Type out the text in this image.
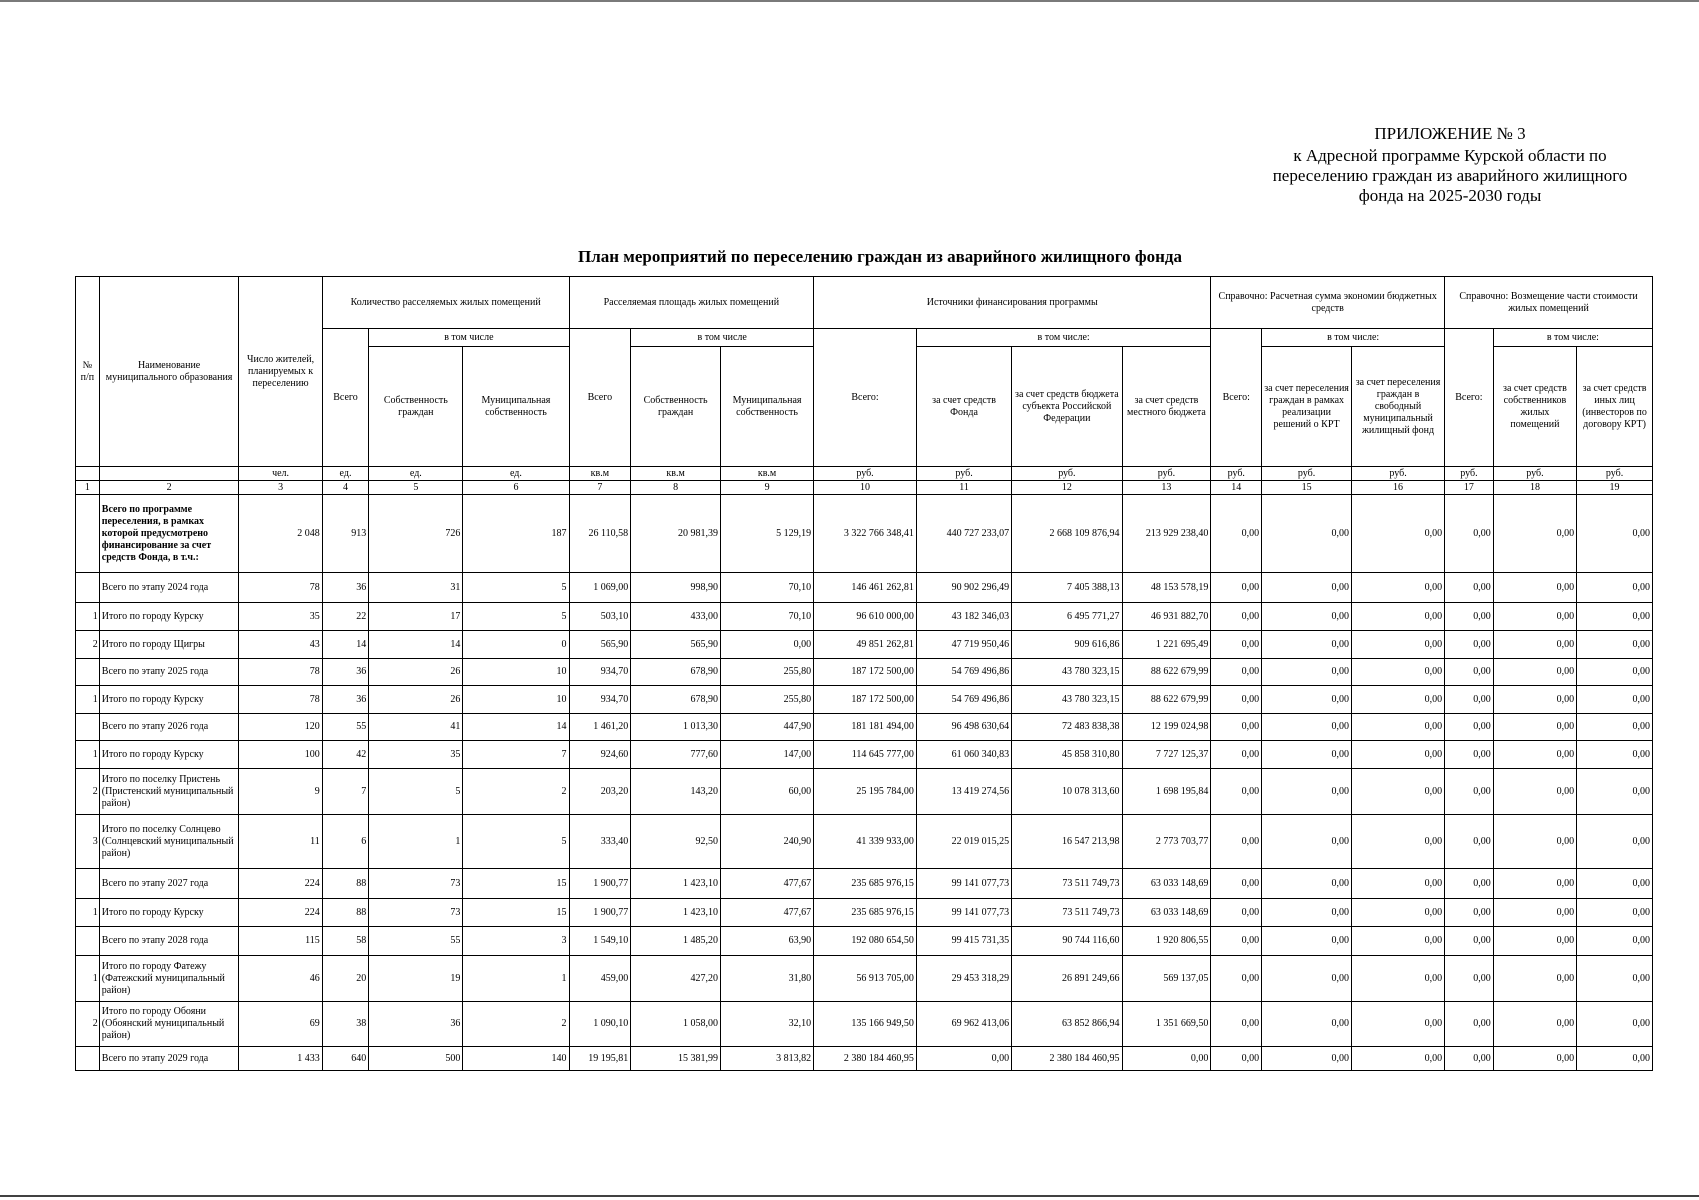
ПРИЛОЖЕНИЕ № 3
к Адресной программе Курской области по переселению граждан из аварийного жилищного фонда на 2025-2030 годы
План мероприятий по переселению граждан из аварийного жилищного фонда
№ п/п	Наименование муниципального образования	Число жителей, планируемых к переселению	Количество расселяемых жилых помещений			Расселяемая площадь жилых помещений			Источники финансирования программы				Справочно: Расчетная сумма экономии бюджетных средств			Справочно: Возмещение части стоимости жилых помещений		
			Всего	в том числе		Всего	в том числе		Всего:	в том числе:			Всего:	в том числе:		Всего:	в том числе:	
				Собственность граждан	Муниципальная собственность		Собственность граждан	Муниципальная собственность		за счет средств Фонда	за счет средств бюджета субъекта Российской Федерации	за счет средств местного бюджета		за счет переселения граждан в рамках реализации решений о КРТ	за счет переселения граждан в свободный муниципальный жилищный фонд		за счет средств собственников жилых помещений	за счет средств иных лиц (инвесторов по договору КРТ)
		чел.	ед.	ед.	ед.	кв.м	кв.м	кв.м	руб.	руб.	руб.	руб.	руб.	руб.	руб.	руб.	руб.	руб.
1	2	3	4	5	6	7	8	9	10	11	12	13	14	15	16	17	18	19
	Всего по программе переселения, в рамках которой предусмотрено финансирование за счет средств Фонда, в т.ч.:	2 048	913	726	187	26 110,58	20 981,39	5 129,19	3 322 766 348,41	440 727 233,07	2 668 109 876,94	213 929 238,40	0,00	0,00	0,00	0,00	0,00	0,00
	Всего по этапу 2024 года	78	36	31	5	1 069,00	998,90	70,10	146 461 262,81	90 902 296,49	7 405 388,13	48 153 578,19	0,00	0,00	0,00	0,00	0,00	0,00
1	Итого по городу Курску	35	22	17	5	503,10	433,00	70,10	96 610 000,00	43 182 346,03	6 495 771,27	46 931 882,70	0,00	0,00	0,00	0,00	0,00	0,00
2	Итого по городу Щигры	43	14	14	0	565,90	565,90	0,00	49 851 262,81	47 719 950,46	909 616,86	1 221 695,49	0,00	0,00	0,00	0,00	0,00	0,00
	Всего по этапу 2025 года	78	36	26	10	934,70	678,90	255,80	187 172 500,00	54 769 496,86	43 780 323,15	88 622 679,99	0,00	0,00	0,00	0,00	0,00	0,00
1	Итого по городу Курску	78	36	26	10	934,70	678,90	255,80	187 172 500,00	54 769 496,86	43 780 323,15	88 622 679,99	0,00	0,00	0,00	0,00	0,00	0,00
	Всего по этапу 2026 года	120	55	41	14	1 461,20	1 013,30	447,90	181 181 494,00	96 498 630,64	72 483 838,38	12 199 024,98	0,00	0,00	0,00	0,00	0,00	0,00
1	Итого по городу Курску	100	42	35	7	924,60	777,60	147,00	114 645 777,00	61 060 340,83	45 858 310,80	7 727 125,37	0,00	0,00	0,00	0,00	0,00	0,00
2	Итого по поселку Пристень (Пристенский муниципальный район)	9	7	5	2	203,20	143,20	60,00	25 195 784,00	13 419 274,56	10 078 313,60	1 698 195,84	0,00	0,00	0,00	0,00	0,00	0,00
3	Итого по поселку Солнцево (Солнцевский муниципальный район)	11	6	1	5	333,40	92,50	240,90	41 339 933,00	22 019 015,25	16 547 213,98	2 773 703,77	0,00	0,00	0,00	0,00	0,00	0,00
	Всего по этапу 2027 года	224	88	73	15	1 900,77	1 423,10	477,67	235 685 976,15	99 141 077,73	73 511 749,73	63 033 148,69	0,00	0,00	0,00	0,00	0,00	0,00
1	Итого по городу Курску	224	88	73	15	1 900,77	1 423,10	477,67	235 685 976,15	99 141 077,73	73 511 749,73	63 033 148,69	0,00	0,00	0,00	0,00	0,00	0,00
	Всего по этапу 2028 года	115	58	55	3	1 549,10	1 485,20	63,90	192 080 654,50	99 415 731,35	90 744 116,60	1 920 806,55	0,00	0,00	0,00	0,00	0,00	0,00
1	Итого по городу Фатежу (Фатежский муниципальный район)	46	20	19	1	459,00	427,20	31,80	56 913 705,00	29 453 318,29	26 891 249,66	569 137,05	0,00	0,00	0,00	0,00	0,00	0,00
2	Итого по городу Обояни (Обоянский муниципальный район)	69	38	36	2	1 090,10	1 058,00	32,10	135 166 949,50	69 962 413,06	63 852 866,94	1 351 669,50	0,00	0,00	0,00	0,00	0,00	0,00
	Всего по этапу 2029 года	1 433	640	500	140	19 195,81	15 381,99	3 813,82	2 380 184 460,95	0,00	2 380 184 460,95	0,00	0,00	0,00	0,00	0,00	0,00	0,00
